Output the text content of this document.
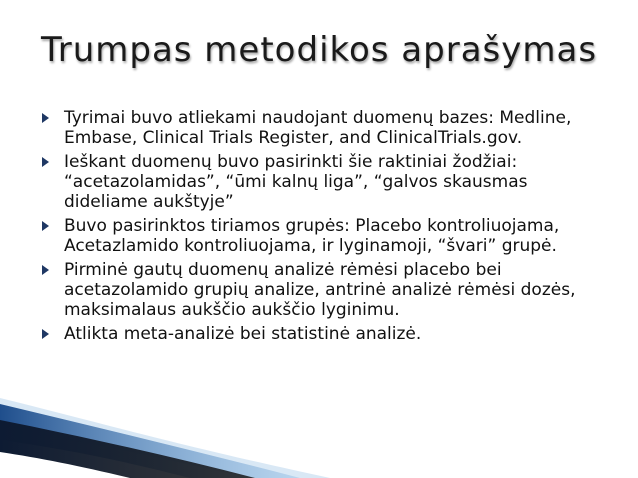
Trumpas metodikos aprašymas
Tyrimai buvo atliekami naudojant duomenų bazes: Medline, Embase, Clinical Trials Register, and ClinicalTrials.gov.
Ieškant duomenų buvo pasirinkti šie raktiniai žodžiai: “acetazolamidas”, “ūmi kalnų liga”, “galvos skausmas dideliame aukštyje”
Buvo pasirinktos tiriamos grupės: Placebo kontroliuojama, Acetazlamido kontroliuojama, ir lyginamoji, “švari” grupė.
Pirminė gautų duomenų analizė rėmėsi placebo bei acetazolamido grupių analize, antrinė analizė rėmėsi dozės, maksimalaus aukščio aukščio lyginimu.
Atlikta meta-analizė bei statistinė analizė.
